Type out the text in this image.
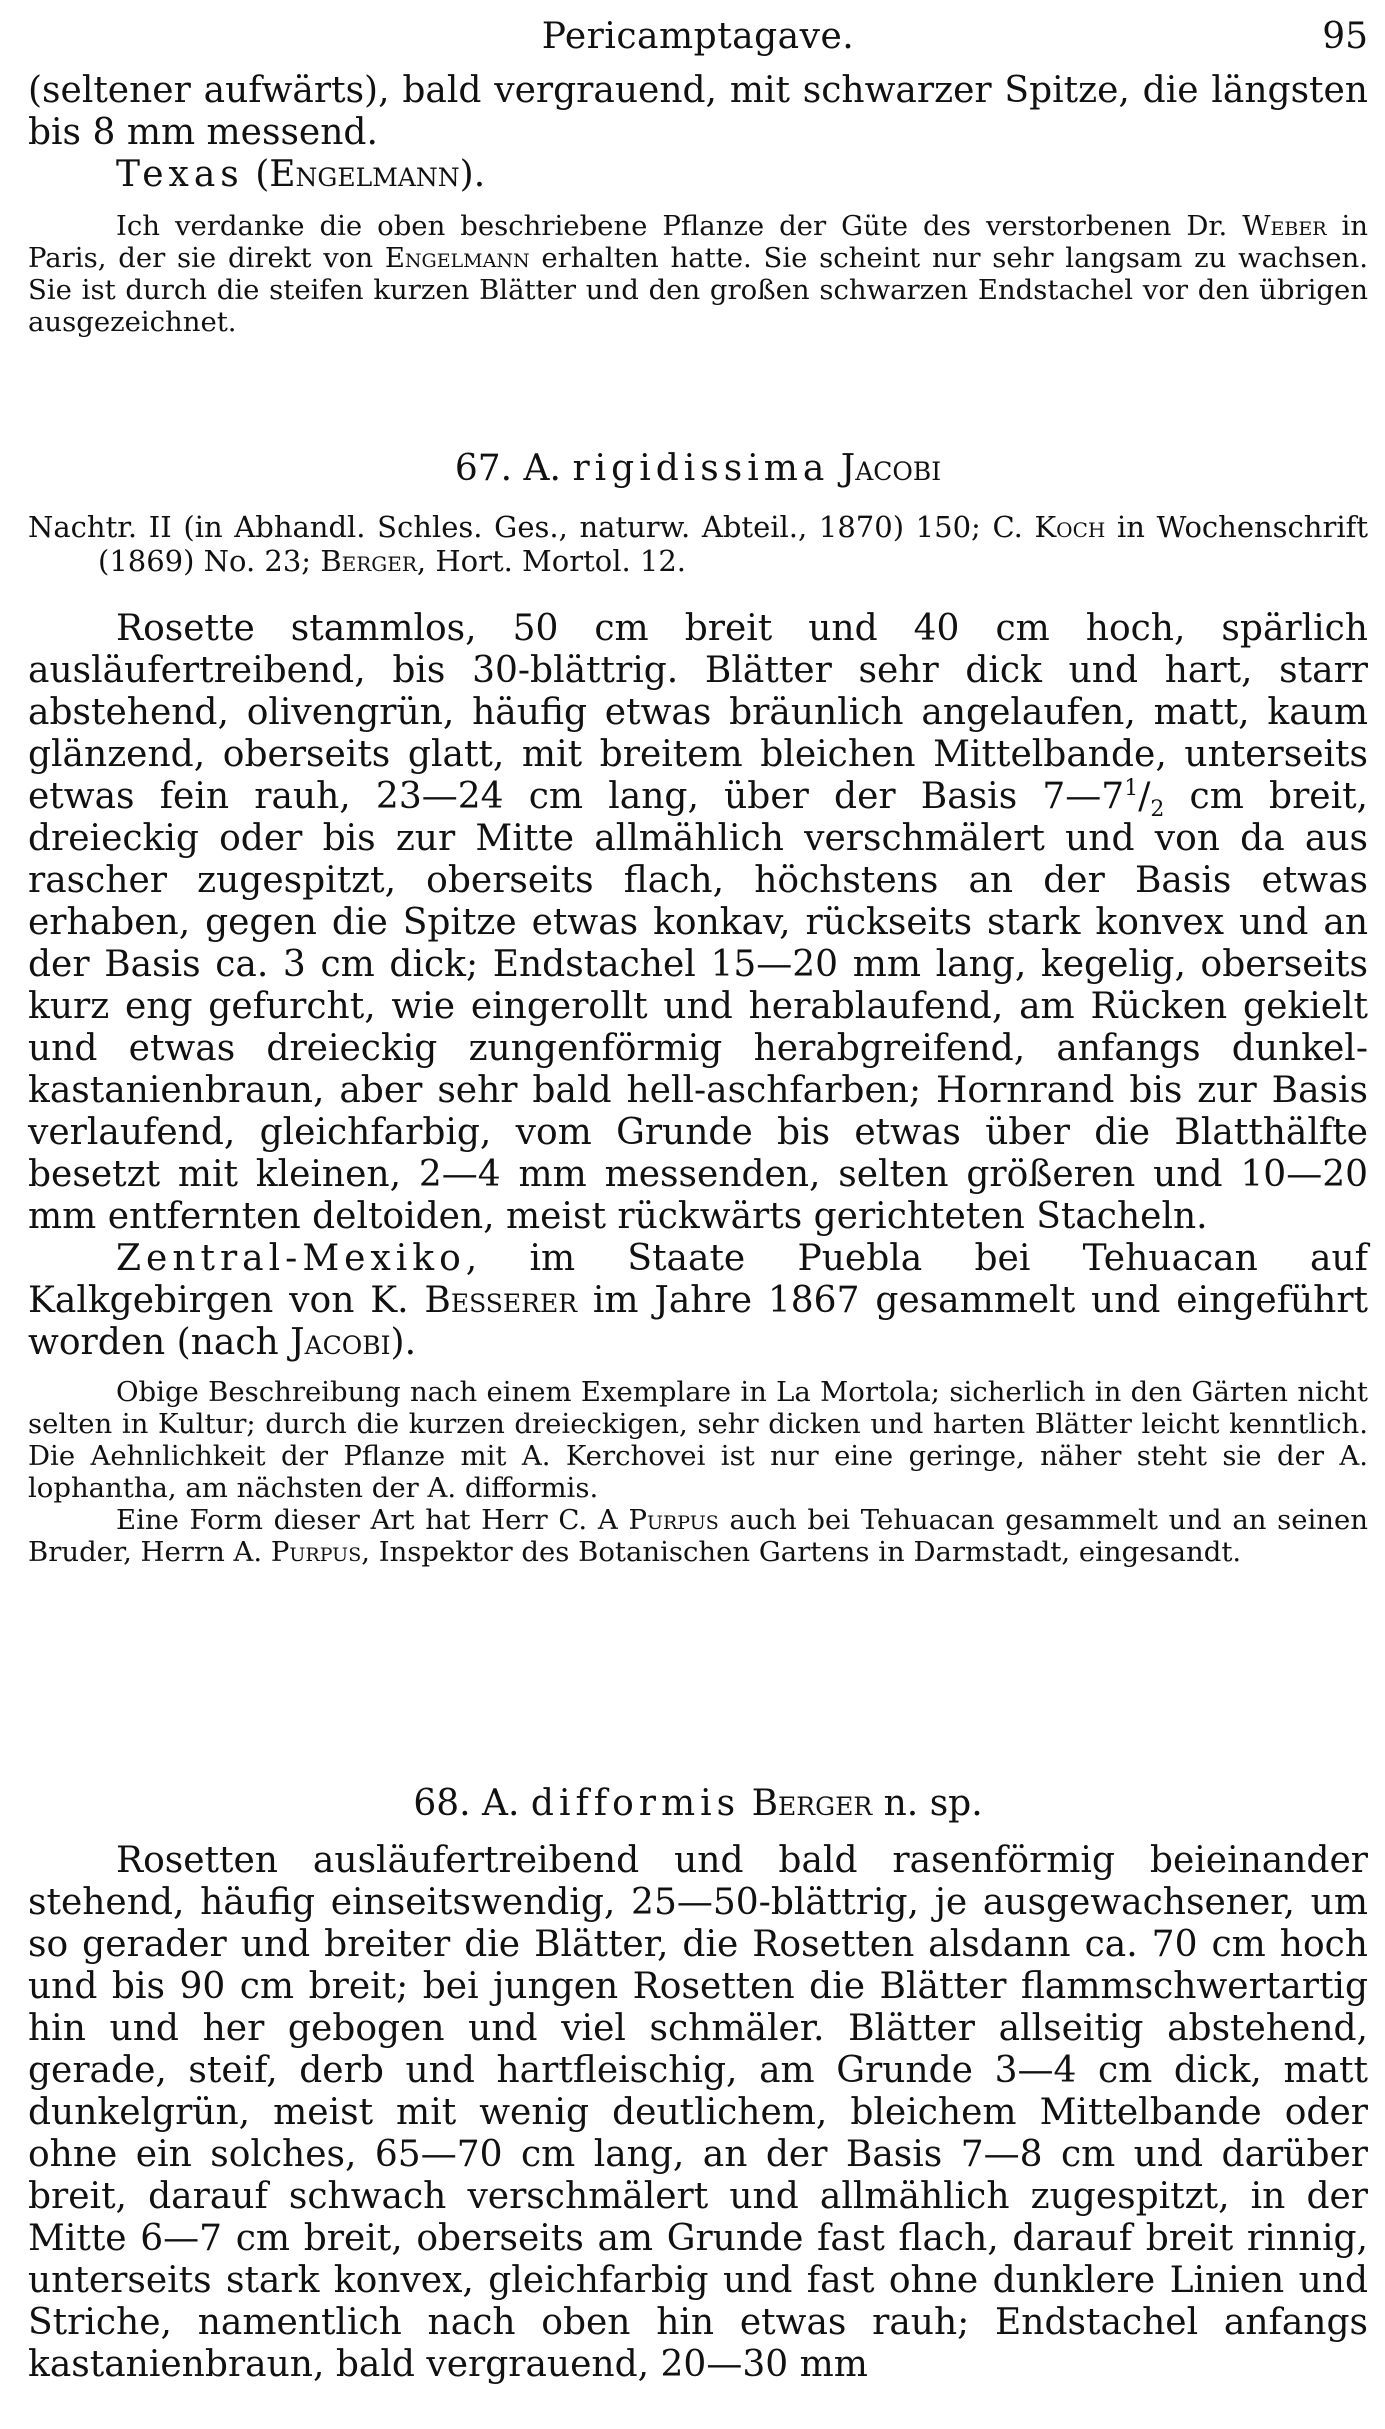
Pericamptagave.	95

(seltener aufwärts), bald vergrauend, mit schwarzer Spitze, die längsten bis 8 mm messend.

Texas (Engelmann).

Ich verdanke die oben beschriebene Pflanze der Güte des verstorbenen Dr. Weber in Paris, der sie direkt von Engelmann erhalten hatte. Sie scheint nur sehr langsam zu wachsen. Sie ist durch die steifen kurzen Blätter und den großen schwarzen Endstachel vor den übrigen ausgezeichnet.

67. A. rigidissima Jacobi

Nachtr. II (in Abhandl. Schles. Ges., naturw. Abteil., 1870) 150; C. Koch in Wochenschrift (1869) No. 23; Berger, Hort. Mortol. 12.

Rosette stammlos, 50 cm breit und 40 cm hoch, spärlich ausläufertreibend, bis 30-blättrig. Blätter sehr dick und hart, starr abstehend, olivengrün, häufig etwas bräunlich angelaufen, matt, kaum glänzend, oberseits glatt, mit breitem bleichen Mittelbande, unterseits etwas fein rauh, 23—24 cm lang, über der Basis $7—7^1/_2$ cm breit, dreieckig oder bis zur Mitte allmählich verschmälert und von da aus rascher zugespitzt, oberseits flach, höchstens an der Basis etwas erhaben, gegen die Spitze etwas konkav, rückseits stark konvex und an der Basis ca. 3 cm dick; Endstachel 15—20 mm lang, kegelig, oberseits kurz eng gefurcht, wie eingerollt und herablaufend, am Rücken gekielt und etwas dreieckig zungenförmig herabgreifend, anfangs dunkel-kastanienbraun, aber sehr bald hell-aschfarben; Hornrand bis zur Basis verlaufend, gleichfarbig, vom Grunde bis etwas über die Blatthälfte besetzt mit kleinen, 2—4 mm messenden, selten größeren und 10—20 mm entfernten deltoiden, meist rückwärts gerichteten Stacheln.

Zentral-Mexiko, im Staate Puebla bei Tehuacan auf Kalkgebirgen von K. Besserer im Jahre 1867 gesammelt und eingeführt worden (nach Jacobi).

Obige Beschreibung nach einem Exemplare in La Mortola; sicherlich in den Gärten nicht selten in Kultur; durch die kurzen dreieckigen, sehr dicken und harten Blätter leicht kenntlich. Die Aehnlichkeit der Pflanze mit A. Kerchovei ist nur eine geringe, näher steht sie der A. lophantha, am nächsten der A. difformis.

Eine Form dieser Art hat Herr C. A Purpus auch bei Tehuacan gesammelt und an seinen Bruder, Herrn A. Purpus, Inspektor des Botanischen Gartens in Darmstadt, eingesandt.

68. A. difformis Berger n. sp.

Rosetten ausläufertreibend und bald rasenförmig beieinander stehend, häufig einseitswendig, 25—50-blättrig, je ausgewachsener, um so gerader und breiter die Blätter, die Rosetten alsdann ca. 70 cm hoch und bis 90 cm breit; bei jungen Rosetten die Blätter flammschwertartig hin und her gebogen und viel schmäler. Blätter allseitig abstehend, gerade, steif, derb und hartfleischig, am Grunde 3—4 cm dick, matt dunkelgrün, meist mit wenig deutlichem, bleichem Mittelbande oder ohne ein solches, 65—70 cm lang, an der Basis 7—8 cm und darüber breit, darauf schwach verschmälert und allmählich zugespitzt, in der Mitte 6—7 cm breit, oberseits am Grunde fast flach, darauf breit rinnig, unterseits stark konvex, gleichfarbig und fast ohne dunklere Linien und Striche, namentlich nach oben hin etwas rauh; Endstachel anfangs kastanienbraun, bald vergrauend, 20—30 mm
